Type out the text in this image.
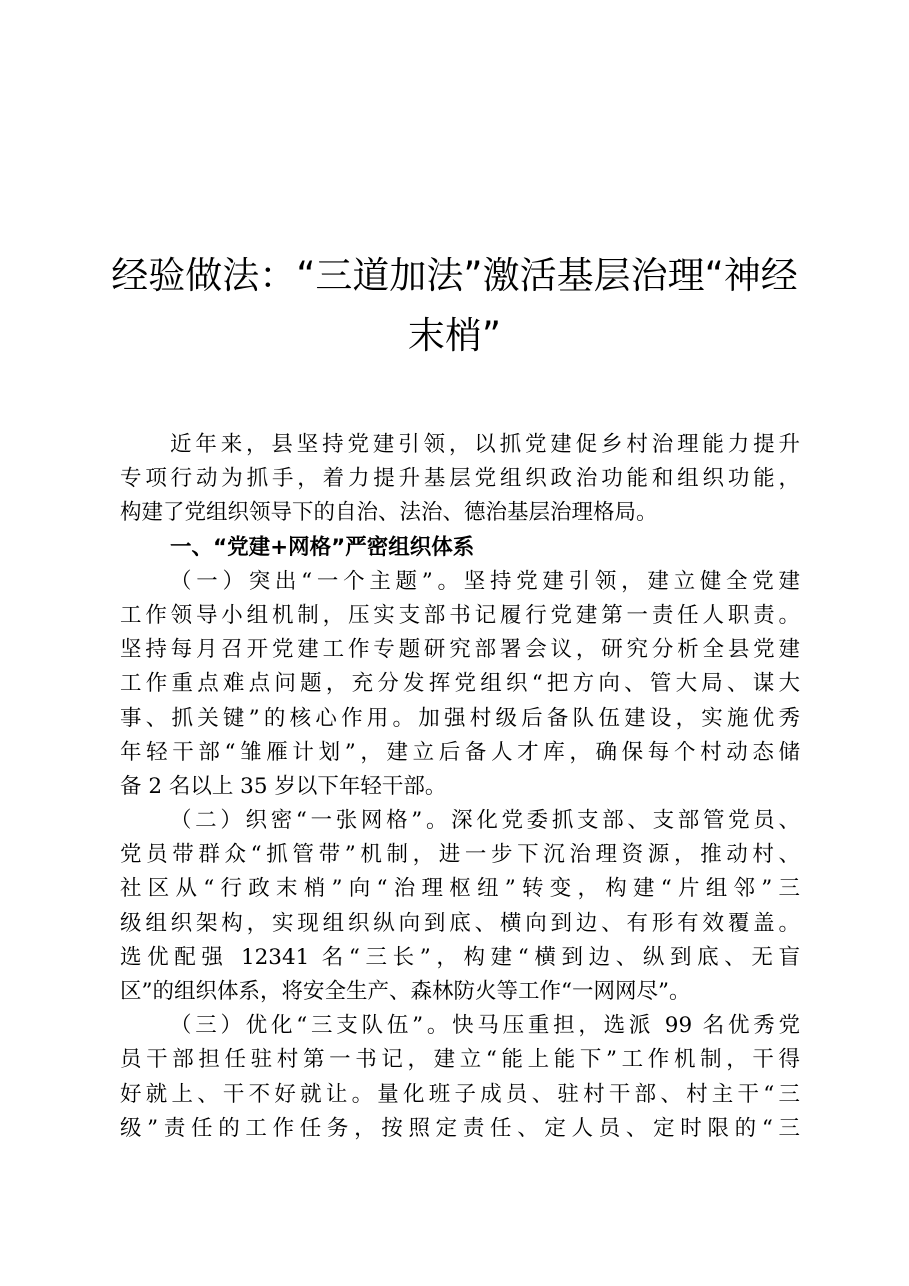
经验做法：“三道加法”激活基层治理“神经
末梢”
近年来，县坚持党建引领，以抓党建促乡村治理能力提升
专项行动为抓手，着力提升基层党组织政治功能和组织功能，
构建了党组织领导下的自治、法治、德治基层治理格局。
一、“党建+网格”严密组织体系
（一）突出“一个主题”。坚持党建引领，建立健全党建
工作领导小组机制，压实支部书记履行党建第一责任人职责。
坚持每月召开党建工作专题研究部署会议，研究分析全县党建
工作重点难点问题，充分发挥党组织“把方向、管大局、谋大
事、抓关键”的核心作用。加强村级后备队伍建设，实施优秀
年轻干部“雏雁计划”，建立后备人才库，确保每个村动态储
备 2 名以上 35 岁以下年轻干部。
（二）织密“一张网格”。深化党委抓支部、支部管党员、
党员带群众“抓管带”机制，进一步下沉治理资源，推动村、
社区从“行政末梢”向“治理枢纽”转变，构建“片组邻”三
级组织架构，实现组织纵向到底、横向到边、有形有效覆盖。
选优配强 12341 名“三长”，构建“横到边、纵到底、无盲
区”的组织体系，将安全生产、森林防火等工作“一网网尽”。
（三）优化“三支队伍”。快马压重担，选派 99 名优秀党
员干部担任驻村第一书记，建立“能上能下”工作机制，干得
好就上、干不好就让。量化班子成员、驻村干部、村主干“三
级”责任的工作任务，按照定责任、定人员、定时限的“三
